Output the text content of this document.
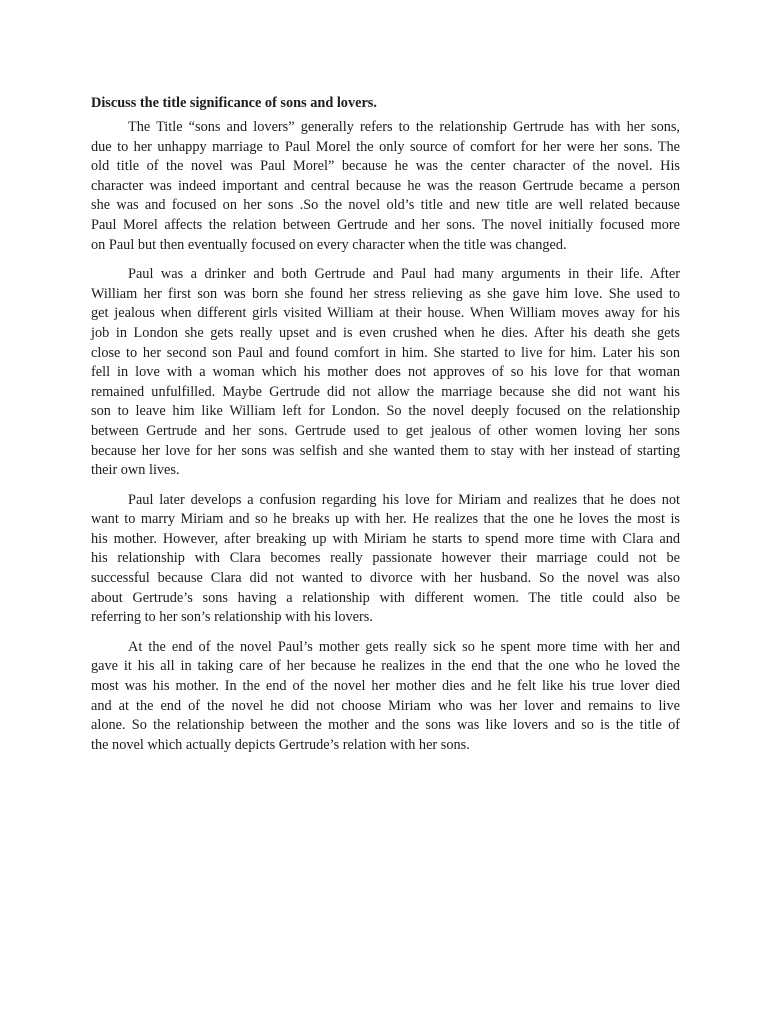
Discuss the title significance of sons and lovers.
The Title “sons and lovers” generally refers to the relationship Gertrude has with her sons,
due to her unhappy marriage to Paul Morel the only source of comfort for her were her sons. The
old title of the novel was Paul Morel” because he was the center character of the novel. His
character was indeed important and central because he was the reason Gertrude became a person
she was and focused on her sons .So the novel old’s title and new title are well related because
Paul Morel affects the relation between Gertrude and her sons. The novel initially focused more
on Paul but then eventually focused on every character when the title was changed.
Paul was a drinker and both Gertrude and Paul had many arguments in their life. After
William her first son was born she found her stress relieving as she gave him love. She used to
get jealous when different girls visited William at their house. When William moves away for his
job in London she gets really upset and is even crushed when he dies. After his death she gets
close to her second son Paul and found comfort in him. She started to live for him. Later his son
fell in love with a woman which his mother does not approves of so his love for that woman
remained unfulfilled. Maybe Gertrude did not allow the marriage because she did not want his
son to leave him like William left for London. So the novel deeply focused on the relationship
between Gertrude and her sons. Gertrude used to get jealous of other women loving her sons
because her love for her sons was selfish and she wanted them to stay with her instead of starting
their own lives.
Paul later develops a confusion regarding his love for Miriam and realizes that he does not
want to marry Miriam and so he breaks up with her. He realizes that the one he loves the most is
his mother. However, after breaking up with Miriam he starts to spend more time with Clara and
his relationship with Clara becomes really passionate however their marriage could not be
successful because Clara did not wanted to divorce with her husband. So the novel was also
about Gertrude’s sons having a relationship with different women. The title could also be
referring to her son’s relationship with his lovers.
At the end of the novel Paul’s mother gets really sick so he spent more time with her and
gave it his all in taking care of her because he realizes in the end that the one who he loved the
most was his mother. In the end of the novel her mother dies and he felt like his true lover died
and at the end of the novel he did not choose Miriam who was her lover and remains to live
alone. So the relationship between the mother and the sons was like lovers and so is the title of
the novel which actually depicts Gertrude’s relation with her sons.
